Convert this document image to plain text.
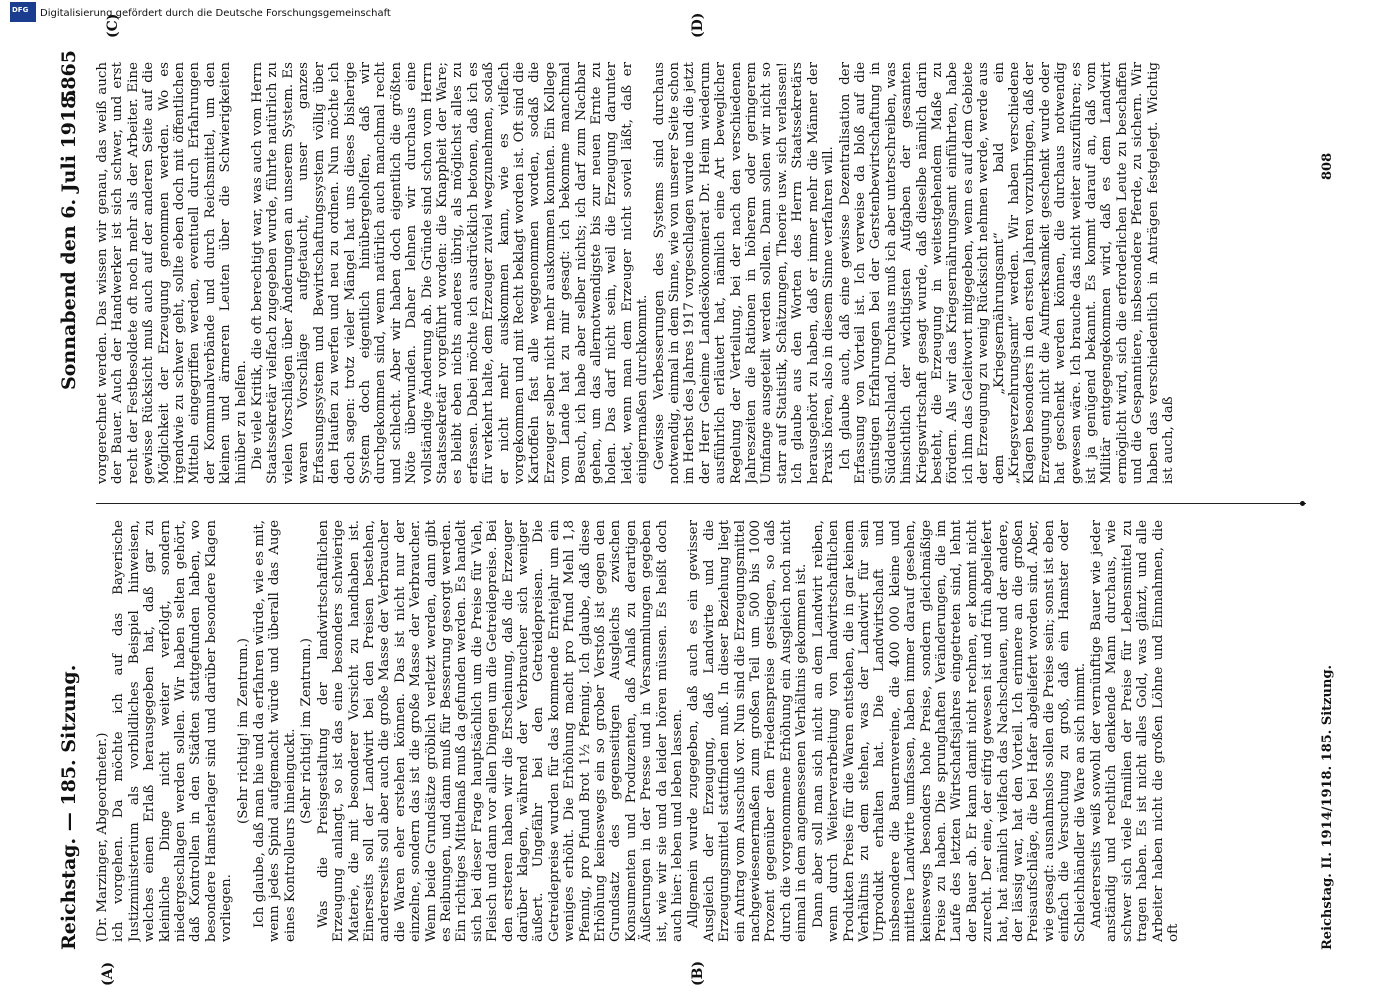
Reichstag. — 185. Sitzung.
Sonnabend den 6. Juli 1918.
5865
(A)	(B)
(C)	(D)

(Dr. Marzinger, Abgeordneter.) ich vorgehen. Da möchte ich auf das Bayerische Justizministerium als vorbildliches Beispiel hinweisen, welches einen Erlaß herausgegeben hat, daß gar zu kleinliche Dinge nicht weiter verfolgt, sondern niedergeschlagen werden sollen. Wir haben selten gehört, daß Kontrollen in den Städten stattgefunden haben, wo besondere Hamsterlager sind und darüber besondere Klagen vorliegen.

(Sehr richtig! im Zentrum.) Ich glaube, daß man hie und da erfahren würde, wie es mit, wenn jedes Spind aufgemacht würde und überall das Auge eines Kontrolleurs hineinguckt. (Sehr richtig! im Zentrum.) Was die Preisgestaltung der landwirtschaftlichen Erzeugung anlangt, so ist das eine besonders schwierige Materie, die mit besonderer Vorsicht zu handhaben ist. Einerseits soll der Landwirt bei den Preisen bestehen, andererseits soll aber auch die große Masse der Verbraucher die Waren eher erstehen können. Das ist nicht nur der einzelne, sondern das ist die große Masse der Verbraucher. Wenn beide Grundsätze gröblich verletzt werden, dann gibt es Reibungen, und dann muß für Besserung gesorgt werden. Ein richtiges Mittelmaß muß da gefunden werden. Es handelt sich bei dieser Frage hauptsächlich um die Preise für Vieh, Fleisch und dann vor allen Dingen um die Getreidepreise. Bei den ersteren haben wir die Erscheinung, daß die Erzeuger darüber klagen, während der Verbraucher sich weniger äußert. Ungefähr bei den Getreidepreisen. Die Getreidepreise wurden für das kommende Erntejahr um ein weniges erhöht. Die Erhöhung macht pro Pfund Mehl 1,8 Pfennig, pro Pfund Brot 1½ Pfennig. Ich glaube, daß diese Erhöhung keineswegs ein so grober Verstoß ist gegen den Grundsatz des gegenseitigen Ausgleichs zwischen Konsumenten und Produzenten, daß Anlaß zu derartigen Äußerungen in der Presse und in Versammlungen gegeben ist, wie wir sie und da leider hören müssen. Es heißt doch auch hier: leben und leben lassen. Allgemein wurde zugegeben, daß auch es ein gewisser Ausgleich der Erzeugung, daß Landwirte und die Erzeugungsmittel stattfinden muß. In dieser Beziehung liegt ein Antrag vom Ausschuß vor. Nun sind die Erzeugungsmittel nachgewiesenermaßen zum großen Teil um 500 bis 1000 Prozent gegenüber dem Friedenspreise gestiegen, so daß durch die vorgenommene Erhöhung ein Ausgleich noch nicht einmal in dem angemessenen Verhältnis gekommen ist. Dann aber soll man sich nicht an dem Landwirt reiben, wenn durch Weiterverarbeitung von landwirtschaftlichen Produkten Preise für die Waren entstehen, die in gar keinem Verhältnis zu dem stehen, was der Landwirt für sein Urprodukt erhalten hat. Die Landwirtschaft und insbesondere die Bauernvereine, die 400 000 kleine und mittlere Landwirte umfassen, haben immer darauf gesehen, keineswegs besonders hohe Preise, sondern gleichmäßige Preise zu haben. Die sprunghaften Veränderungen, die im Laufe des letzten Wirtschaftsjahres eingetreten sind, lehnt der Bauer ab. Er kann damit nicht rechnen, er kommt nicht zurecht. Der eine, der eifrig gewesen ist und früh abgeliefert hat, hat nämlich vielfach das Nachschauen, und der andere, der lässig war, hat den Vorteil. Ich erinnere an die großen Preisaufschläge, die bei Hafer abgeliefert worden sind. Aber, wie gesagt: ausnahmslos sollen die Preise sein; sonst ist eben einfach die Versuchung zu groß, daß ein Hamster oder Schleichhändler die Ware an sich nimmt. Andererseits weiß sowohl der vernünftige Bauer wie jeder anständig und rechtlich denkende Mann durchaus, wie schwer sich viele Familien der Preise für Lebensmittel zu tragen haben. Es ist nicht alles Gold, was glänzt, und alle Arbeiter haben nicht die großen Löhne und Einnahmen, die oft

vorgerechnet werden. Das wissen wir genau, das weiß auch der Bauer. Auch der Handwerker ist sich schwer, und erst recht der Festbesoldete oft noch mehr als der Arbeiter. Eine gewisse Rücksicht muß auch auf der anderen Seite auf die Möglichkeit der Erzeugung genommen werden. Wo es irgendwie zu schwer geht, sollte eben doch mit öffentlichen Mitteln eingegriffen werden, eventuell durch Erfahrungen der Kommunalverbände und durch Reichsmittel, um den kleinen und ärmeren Leuten über die Schwierigkeiten hinüber zu helfen. Die viele Kritik, die oft berechtigt war, was auch vom Herrn Staatssekretär vielfach zugegeben wurde, führte natürlich zu vielen Vorschlägen über Änderungen an unserem System. Es waren Vorschläge aufgetaucht, unser ganzes Erfassungssystem und Bewirtschaftungssystem völlig über den Haufen zu werfen und neu zu ordnen. Nun möchte ich doch sagen: trotz vieler Mängel hat uns dieses bisherige System doch eigentlich hinübergeholfen, daß wir durchgekommen sind, wenn natürlich auch manchmal recht und schlecht. Aber wir haben doch eigentlich die größten Nöte überwunden. Daher lehnen wir durchaus eine vollständige Änderung ab. Die Gründe sind schon vom Herrn Staatssekretär vorgeführt worden: die Knappheit der Ware; es bleibt eben nichts anderes übrig, als möglichst alles zu erfassen. Dabei möchte ich ausdrücklich betonen, daß ich es für verkehrt halte, dem Erzeuger zuviel wegzunehmen, sodaß er nicht mehr auskommen kann, wie es vielfach vorgekommen und mit Recht beklagt worden ist. Oft sind die Kartoffeln fast alle weggenommen worden, sodaß die Erzeuger selber nicht mehr auskommen konnten. Ein Kollege vom Lande hat zu mir gesagt: ich bekomme manchmal Besuch, ich habe aber selber nichts; ich darf zum Nachbar gehen, um das allernotwendigste bis zur neuen Ernte zu holen. Das darf nicht sein, weil die Erzeugung darunter leidet, wenn man dem Erzeuger nicht soviel läßt, daß er einigermaßen durchkommt. Gewisse Verbesserungen des Systems sind durchaus notwendig, einmal in dem Sinne, wie von unserer Seite schon im Herbst des Jahres 1917 vorgeschlagen wurde und die jetzt der Herr Geheime Landesökonomierat Dr. Heim wiederum ausführlich erläutert hat, nämlich eine Art beweglicher Regelung der Verteilung, bei der nach den verschiedenen Jahreszeiten die Rationen in höherem oder geringerem Umfange ausgeteilt werden sollen. Dann sollen wir nicht so starr auf Statistik, Schätzungen, Theorie usw. sich verlassen! Ich glaube aus den Worten des Herrn Staatssekretärs herausgehört zu haben, daß er immer mehr die Männer der Praxis hören, also in diesem Sinne verfahren will. Ich glaube auch, daß eine gewisse Dezentralisation der Erfassung von Vorteil ist. Ich verweise da bloß auf die günstigen Erfahrungen bei der Gerstenbewirtschaftung in Süddeutschland. Durchaus muß ich aber unterschreiben, was hinsichtlich der wichtigsten Aufgaben der gesamten Kriegswirtschaft gesagt wurde, daß dieselbe nämlich darin besteht, die Erzeugung in weitestgehendem Maße zu fördern. Als wir das Kriegsernährungsamt einführten, habe ich ihm das Geleitwort mitgegeben, wenn es auf dem Gebiete der Erzeugung zu wenig Rücksicht nehmen werde, werde aus dem „Kriegsernährungsamt“ bald ein „Kriegsverzehrungsamt“ werden. Wir haben verschiedene Klagen besonders in den ersten Jahren vorzubringen, daß der Erzeugung nicht die Aufmerksamkeit geschenkt wurde oder hat geschenkt werden können, die durchaus notwendig gewesen wäre. Ich brauche das nicht weiter auszuführen; es ist ja genügend bekannt. Es kommt darauf an, daß vom Militär entgegengekommen wird, daß es dem Landwirt ermöglicht wird, sich die erforderlichen Leute zu beschaffen und die Gespanntiere, insbesondere Pferde, zu sichern. Wir haben das verschiedentlich in Anträgen festgelegt. Wichtig ist auch, daß

Reichstag. II. 1914/1918. 185. Sitzung.
808
DFG Digitalisierung gefördert durch die Deutsche Forschungsgemeinschaft
